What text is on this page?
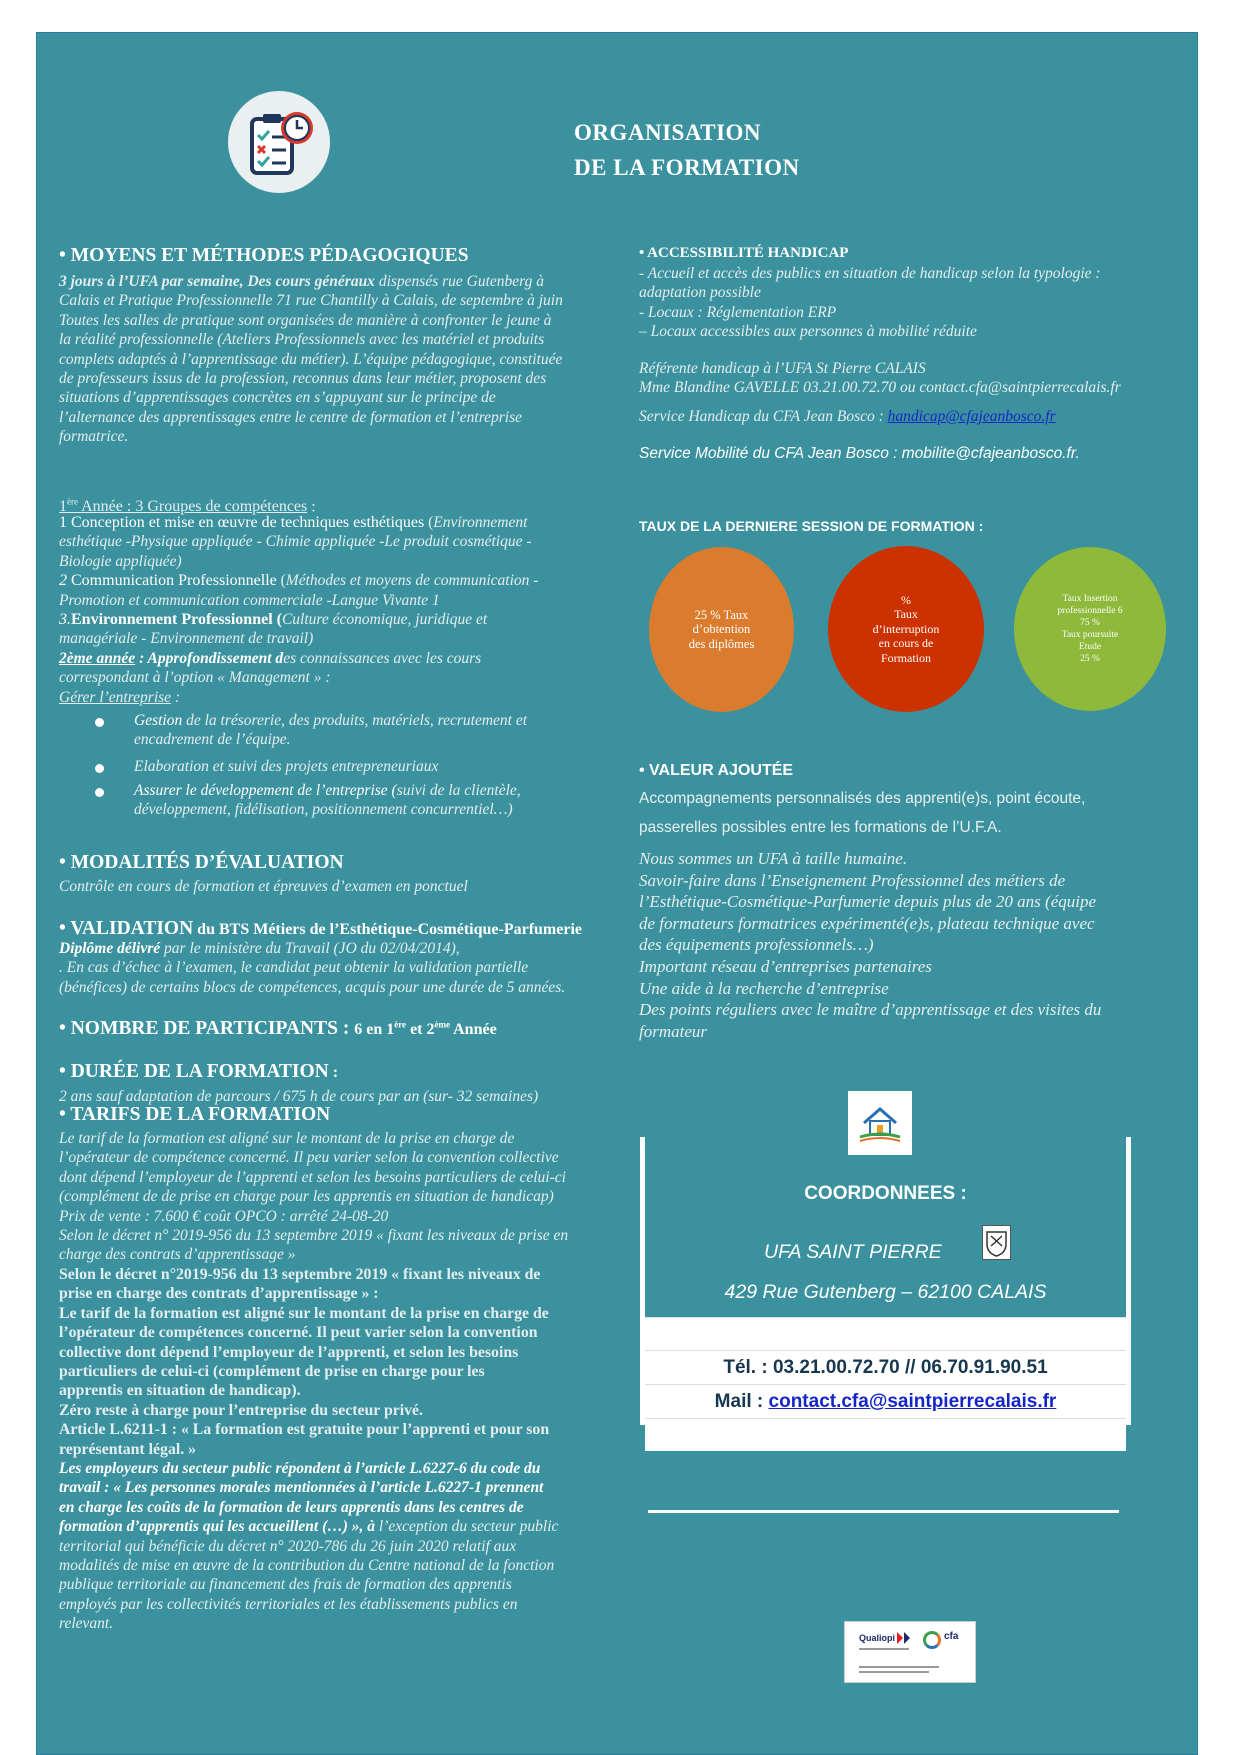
ORGANISATION
DE LA FORMATION
• MOYENS ET MÉTHODES PÉDAGOGIQUES
3 jours à l’UFA par semaine, Des cours généraux dispensés rue Gutenberg à
Calais et Pratique Professionnelle 71 rue Chantilly à Calais, de septembre à juin
Toutes les salles de pratique sont organisées de manière à confronter le jeune à
la réalité professionnelle (Ateliers Professionnels avec les matériel et produits
complets adaptés à l’apprentissage du métier). L’équipe pédagogique, constituée
de professeurs issus de la profession, reconnus dans leur métier, proposent des
situations d’apprentissages concrètes en s’appuyant sur le principe de
l’alternance des apprentissages entre le centre de formation et l’entreprise
formatrice.
1ère Année : 3 Groupes de compétences :
1 Conception et mise en œuvre de techniques esthétiques (Environnement
esthétique -Physique appliquée - Chimie appliquée -Le produit cosmétique -
Biologie appliquée)
2 Communication Professionnelle (Méthodes et moyens de communication -
Promotion et communication commerciale -Langue Vivante 1
3.Environnement Professionnel (Culture économique, juridique et
managériale - Environnement de travail)
2ème année : Approfondissement des connaissances avec les cours
correspondant à l’option « Management » :
Gérer l’entreprise :
Gestion de la trésorerie, des produits, matériels, recrutement et
encadrement de l’équipe.
Elaboration et suivi des projets entrepreneuriaux
Assurer le développement de l’entreprise (suivi de la clientèle,
développement, fidélisation, positionnement concurrentiel…)
• MODALITÉS D’ÉVALUATION
Contrôle en cours de formation et épreuves d’examen en ponctuel
• VALIDATION du BTS Métiers de l’Esthétique-Cosmétique-Parfumerie
Diplôme délivré par le ministère du Travail (JO du 02/04/2014),
. En cas d’échec à l’examen, le candidat peut obtenir la validation partielle
(bénéfices) de certains blocs de compétences, acquis pour une durée de 5 années.
• NOMBRE DE PARTICIPANTS : 6 en 1ère et 2ème Année
• DURÉE DE LA FORMATION :
2 ans sauf adaptation de parcours / 675 h de cours par an (sur- 32 semaines)
• TARIFS DE LA FORMATION
Le tarif de la formation est aligné sur le montant de la prise en charge de
l’opérateur de compétence concerné. Il peu varier selon la convention collective
dont dépend l’employeur de l’apprenti et selon les besoins particuliers de celui-ci
(complément de de prise en charge pour les apprentis en situation de handicap)
Prix de vente : 7.600 € coût OPCO : arrêté 24-08-20
Selon le décret n° 2019-956 du 13 septembre 2019 « fixant les niveaux de prise en
charge des contrats d’apprentissage »
Selon le décret n°2019-956 du 13 septembre 2019 « fixant les niveaux de
prise en charge des contrats d’apprentissage » :
Le tarif de la formation est aligné sur le montant de la prise en charge de
l’opérateur de compétences concerné. Il peut varier selon la convention
collective dont dépend l’employeur de l’apprenti, et selon les besoins
particuliers de celui-ci (complément de prise en charge pour les
apprentis en situation de handicap).
Zéro reste à charge pour l’entreprise du secteur privé.
Article L.6211-1 : « La formation est gratuite pour l’apprenti et pour son
représentant légal. »
Les employeurs du secteur public répondent à l’article L.6227-6 du code du
travail : « Les personnes morales mentionnées à l’article L.6227-1 prennent
en charge les coûts de la formation de leurs apprentis dans les centres de
formation d’apprentis qui les accueillent (…) », à l’exception du secteur public
territorial qui bénéficie du décret n° 2020-786 du 26 juin 2020 relatif aux
modalités de mise en œuvre de la contribution du Centre national de la fonction
publique territoriale au financement des frais de formation des apprentis
employés par les collectivités territoriales et les établissements publics en
relevant.
• ACCESSIBILITÉ HANDICAP
- Accueil et accès des publics en situation de handicap selon la typologie :
adaptation possible
- Locaux : Réglementation ERP
– Locaux accessibles aux personnes à mobilité réduite
Référente handicap à l’UFA St Pierre CALAIS
Mme Blandine GAVELLE 03.21.00.72.70 ou contact.cfa@saintpierrecalais.fr
Service Handicap du CFA Jean Bosco : handicap@cfajeanbosco.fr
Service Mobilité du CFA Jean Bosco : mobilite@cfajeanbosco.fr.
TAUX DE LA DERNIERE SESSION DE FORMATION :
25 % Taux
d’obtention
des diplômes
%
Taux
d’interruption
en cours de
Formation
Taux Insertion
professionnelle 6
75 %
Taux poursuite
Etude
25 %
• VALEUR AJOUTÉE
Accompagnements personnalisés des apprenti(e)s, point écoute,
passerelles possibles entre les formations de l’U.F.A.
Nous sommes un UFA à taille humaine.
Savoir-faire dans l’Enseignement Professionnel des métiers de
l’Esthétique-Cosmétique-Parfumerie depuis plus de 20 ans (équipe
de formateurs formatrices expérimenté(e)s, plateau technique avec
des équipements professionnels…)
Important réseau d’entreprises partenaires
Une aide à la recherche d’entreprise
Des points réguliers avec le maître d’apprentissage et des visites du
formateur
COORDONNEES :
UFA SAINT PIERRE
429 Rue Gutenberg – 62100 CALAIS
Tél. : 03.21.00.72.70 // 06.70.91.90.51
Mail : contact.cfa@saintpierrecalais.fr
Qualiopi	cfa
